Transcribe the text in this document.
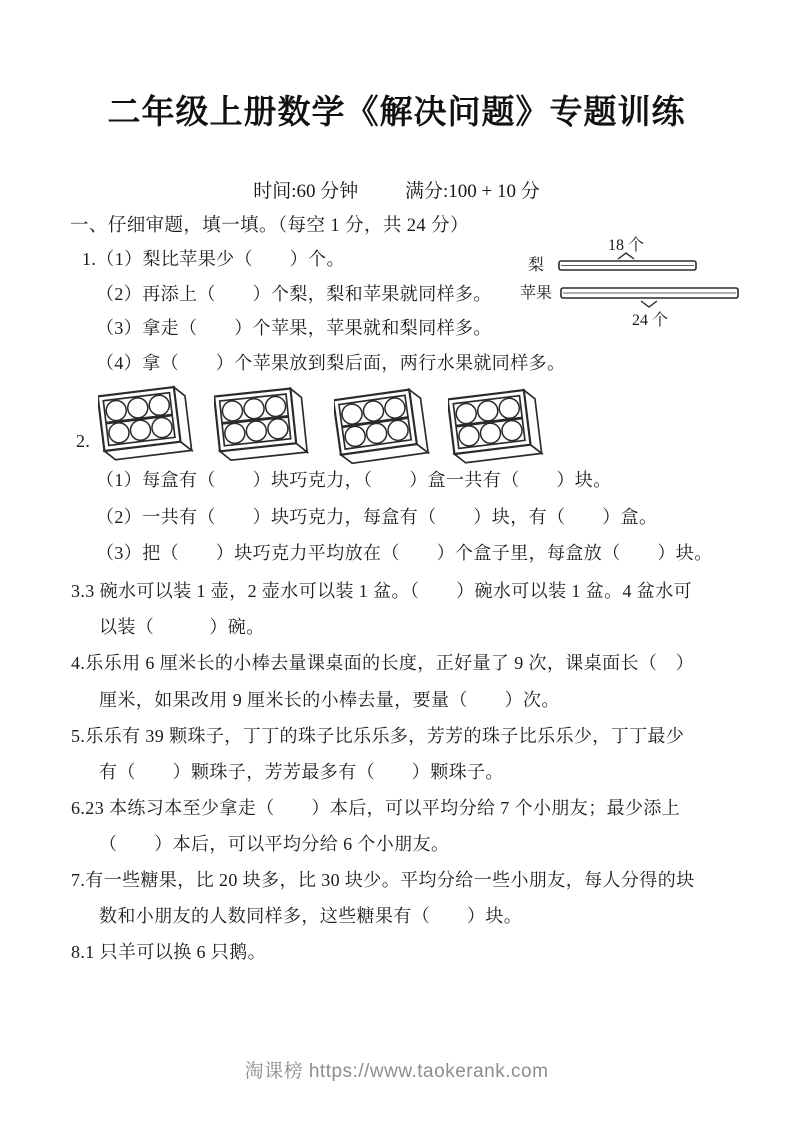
二年级上册数学《解决问题》专题训练
时间:60 分钟 满分:100 + 10 分
一、仔细审题，填一填。（每空 1 分，共 24 分）
1.（1）梨比苹果少（　　）个。
（2）再添上（　　）个梨，梨和苹果就同样多。
（3）拿走（　　）个苹果，苹果就和梨同样多。
（4）拿（　　）个苹果放到梨后面，两行水果就同样多。
18 个
梨
苹果
24 个
2.
（1）每盒有（　　）块巧克力，（　　）盒一共有（　　）块。
（2）一共有（　　）块巧克力，每盒有（　　）块，有（　　）盒。
（3）把（　　）块巧克力平均放在（　　）个盒子里，每盒放（　　）块。
3.3 碗水可以装 1 壶，2 壶水可以装 1 盆。（　　）碗水可以装 1 盆。4 盆水可
以装（　　　）碗。
4.乐乐用 6 厘米长的小棒去量课桌面的长度，正好量了 9 次，课桌面长（　）
厘米，如果改用 9 厘米长的小棒去量，要量（　　）次。
5.乐乐有 39 颗珠子，丁丁的珠子比乐乐多，芳芳的珠子比乐乐少，丁丁最少
有（　　）颗珠子，芳芳最多有（　　）颗珠子。
6.23 本练习本至少拿走（　　）本后，可以平均分给 7 个小朋友；最少添上
（　　）本后，可以平均分给 6 个小朋友。
7.有一些糖果，比 20 块多，比 30 块少。平均分给一些小朋友，每人分得的块
数和小朋友的人数同样多，这些糖果有（　　）块。
8.1 只羊可以换 6 只鹅。
淘课榜 https://www.taokerank.com
